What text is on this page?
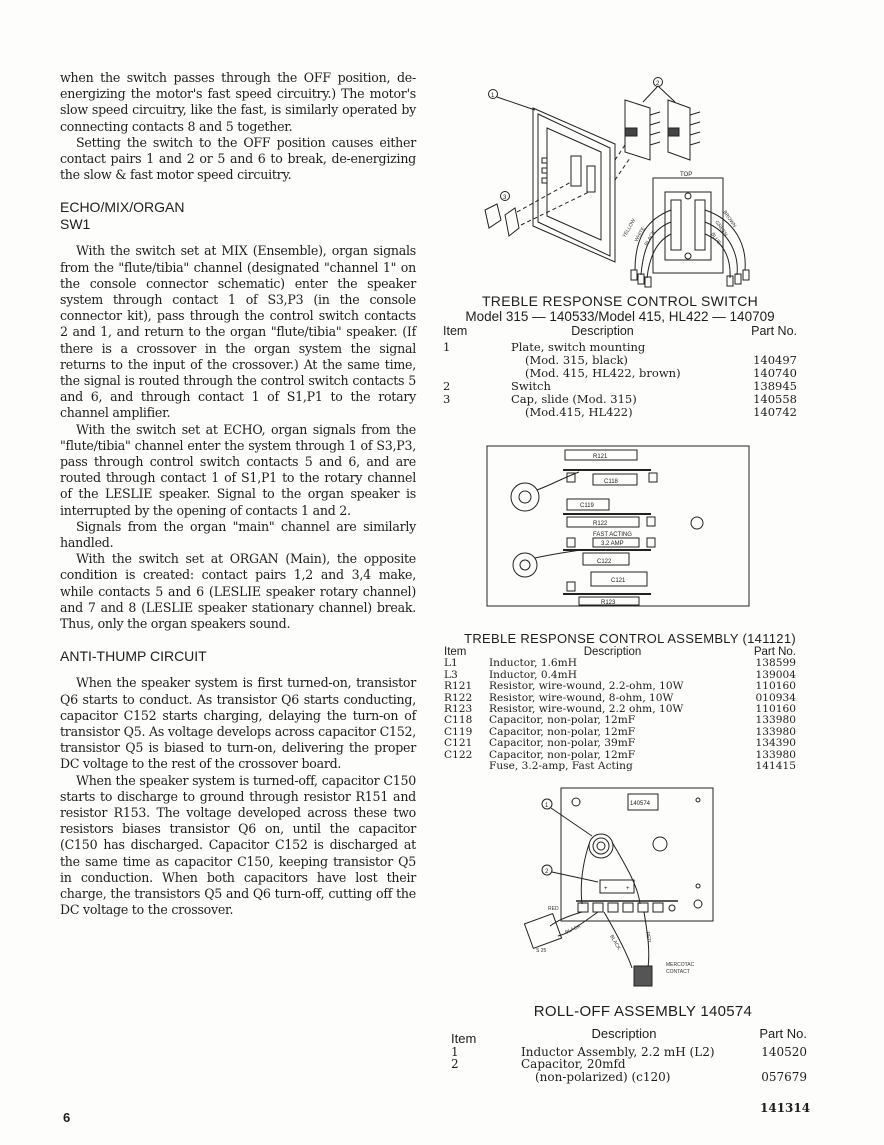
when the switch passes through the OFF position, de-energizing the motor's fast speed circuitry.) The motor's slow speed circuitry, like the fast, is similarly operated by connecting contacts 8 and 5 together.

Setting the switch to the OFF position causes either contact pairs 1 and 2 or 5 and 6 to break, de-energizing the slow & fast motor speed circuitry.

ECHO/MIX/ORGAN
SW1

With the switch set at MIX (Ensemble), organ signals from the "flute/tibia" channel (designated "channel 1" on the console connector schematic) enter the speaker system through contact 1 of S3,P3 (in the console connector kit), pass through the control switch contacts 2 and 1, and return to the organ "flute/tibia" speaker. (If there is a crossover in the organ system the signal returns to the input of the crossover.) At the same time, the signal is routed through the control switch contacts 5 and 6, and through contact 1 of S1,P1 to the rotary channel amplifier.

With the switch set at ECHO, organ signals from the "flute/tibia" channel enter the system through 1 of S3,P3, pass through control switch contacts 5 and 6, and are routed through contact 1 of S1,P1 to the rotary channel of the LESLIE speaker. Signal to the organ speaker is interrupted by the opening of contacts 1 and 2.

Signals from the organ "main" channel are similarly handled.

With the switch set at ORGAN (Main), the opposite condition is created: contact pairs 1,2 and 3,4 make, while contacts 5 and 6 (LESLIE speaker rotary channel) and 7 and 8 (LESLIE speaker stationary channel) break. Thus, only the organ speakers sound.

ANTI-THUMP CIRCUIT

When the speaker system is first turned-on, transistor Q6 starts to conduct. As transistor Q6 starts conducting, capacitor C152 starts charging, delaying the turn-on of transistor Q5. As voltage develops across capacitor C152, transistor Q5 is biased to turn-on, delivering the proper DC voltage to the rest of the crossover board.

When the speaker system is turned-off, capacitor C150 starts to discharge to ground through resistor R151 and resistor R153. The voltage developed across these two resistors biases transistor Q6 on, until the capacitor (C150 has discharged. Capacitor C152 is discharged at the same time as capacitor C150, keeping transistor Q5 in conduction. When both capacitors have lost their charge, the transistors Q5 and Q6 turn-off, cutting off the DC voltage to the crossover.

1
2
3
TOP
YELLOW
WHITE
BLACK
BROWN
GREEN
BLUE
TREBLE RESPONSE CONTROL SWITCH
Model 315 — 140533/Model 415, HL422 — 140709
Item	Description	Part No.
1	Plate, switch mounting
(Mod. 315, black)	140497
(Mod. 415, HL422, brown)	140740
2	Switch	138945
3	Cap, slide (Mod. 315)	140558
(Mod.415, HL422)	140742
R121
C118
C119
R122
FAST ACTING
3.2 AMP
C122
C121
R123
TREBLE RESPONSE CONTROL ASSEMBLY (141121)
Item	Description	Part No.
L1	Inductor, 1.6mH	138599
L3	Inductor, 0.4mH	139004
R121	Resistor, wire-wound, 2.2-ohm, 10W	110160
R122	Resistor, wire-wound, 8-ohm, 10W	010934
R123	Resistor, wire-wound, 2.2 ohm, 10W	110160
C118	Capacitor, non-polar, 12mF	133980
C119	Capacitor, non-polar, 12mF	133980
C121	Capacitor, non-polar, 39mF	134390
C122	Capacitor, non-polar, 12mF	133980
Fuse, 3.2-amp, Fast Acting	141415
140574
1
2
+	+
RED
BLACK
S 25	BLACK	RED
MERCOTAC
CONTACT
ROLL-OFF ASSEMBLY 140574
Item	Description	Part No.
1	Inductor Assembly, 2.2 mH (L2)	140520
2	Capacitor, 20mfd
(non-polarized) (c120)	057679
6
141314
